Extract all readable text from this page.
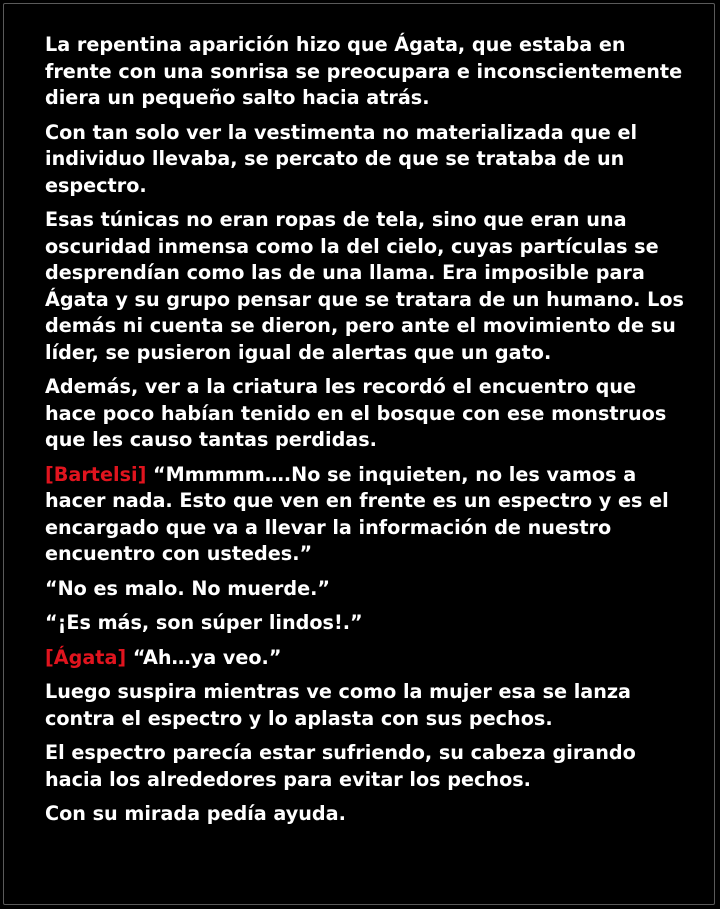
La repentina aparición hizo que Ágata, que estaba en frente con una sonrisa se preocupara e inconscientemente diera un pequeño salto hacia atrás.

Con tan solo ver la vestimenta no materializada que el individuo llevaba, se percato de que se trataba de un espectro.

Esas túnicas no eran ropas de tela, sino que eran una oscuridad inmensa como la del cielo, cuyas partículas se desprendían como las de una llama. Era imposible para Ágata y su grupo pensar que se tratara de un humano. Los demás ni cuenta se dieron, pero ante el movimiento de su líder, se pusieron igual de alertas que un gato.

Además, ver a la criatura les recordó el encuentro que hace poco habían tenido en el bosque con ese monstruos que les causo tantas perdidas.

[Bartelsi] “Mmmmm….No se inquieten, no les vamos a hacer nada. Esto que ven en frente es un espectro y es el encargado que va a llevar la información de nuestro encuentro con ustedes.”

“No es malo. No muerde.”

“¡Es más, son súper lindos!.”

[Ágata] “Ah…ya veo.”

Luego suspira mientras ve como la mujer esa se lanza contra el espectro y lo aplasta con sus pechos.

El espectro parecía estar sufriendo, su cabeza girando hacia los alrededores para evitar los pechos.

Con su mirada pedía ayuda.
